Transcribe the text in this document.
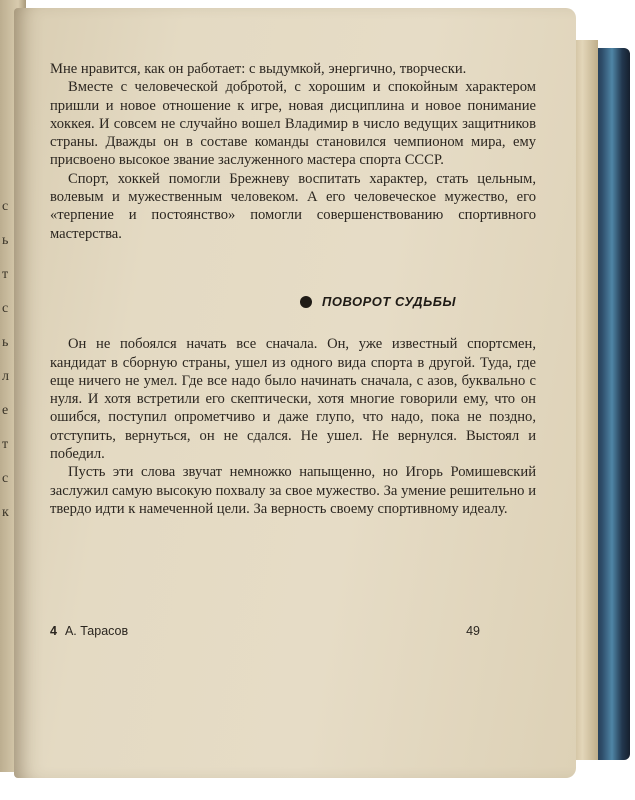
с
ь
т
с
ь
л
е
т
с
к

Мне нравится, как он работает: с выдумкой, энергично, творчески.

Вместе с человеческой добротой, с хорошим и спокойным характером пришли и новое отношение к игре, новая дисциплина и новое понимание хоккея. И совсем не случайно вошел Владимир в число ведущих защитников страны. Дважды он в составе команды становился чемпионом мира, ему присвоено высокое звание заслуженного мастера спорта СССР.

Спорт, хоккей помогли Брежневу воспитать характер, стать цельным, волевым и мужественным человеком. А его человеческое мужество, его «терпение и постоянство» помогли совершенствованию спортивного мастерства.

ПОВОРОТ СУДЬБЫ

Он не побоялся начать все сначала. Он, уже известный спортсмен, кандидат в сборную страны, ушел из одного вида спорта в другой. Туда, где еще ничего не умел. Где все надо было начинать сначала, с азов, буквально с нуля. И хотя встретили его скептически, хотя многие говорили ему, что он ошибся, поступил опрометчиво и даже глупо, что надо, пока не поздно, отступить, вернуться, он не сдался. Не ушел. Не вернулся. Выстоял и победил.

Пусть эти слова звучат немножко напыщенно, но Игорь Ромишевский заслужил самую высокую похвалу за свое мужество. За умение решительно и твердо идти к намеченной цели. За верность своему спортивному идеалу.

4 А. Тарасов	49
